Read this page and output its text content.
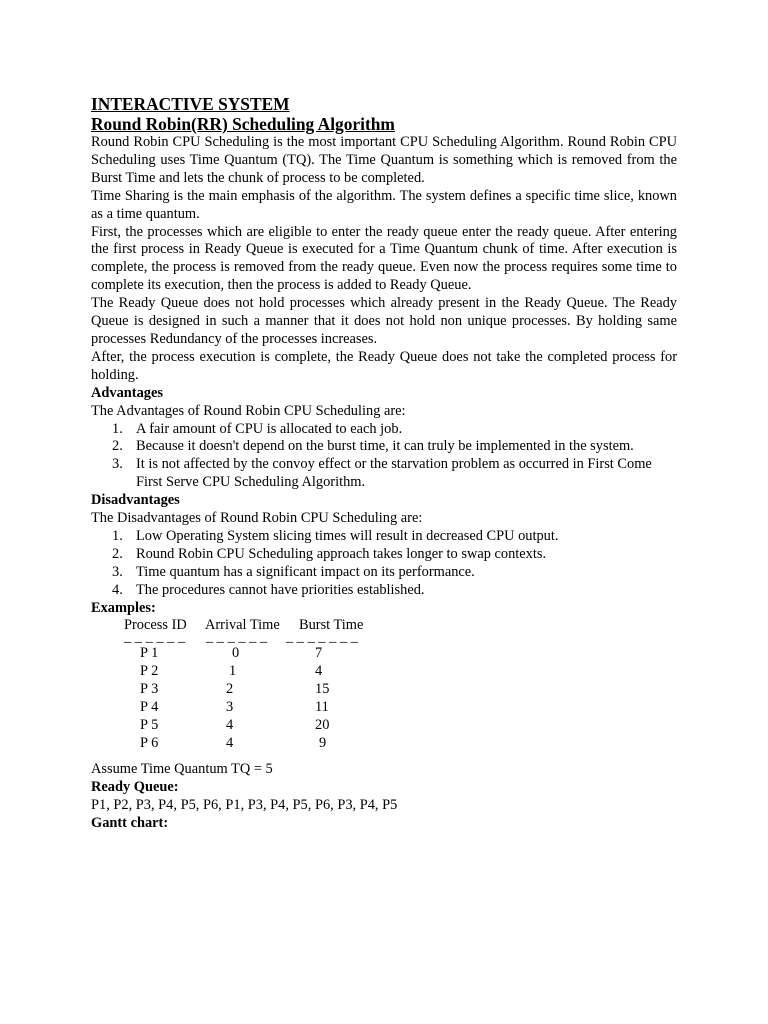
INTERACTIVE SYSTEM

Round Robin(RR) Scheduling Algorithm

Round Robin CPU Scheduling is the most important CPU Scheduling Algorithm. Round Robin CPU Scheduling uses Time Quantum (TQ). The Time Quantum is something which is removed from the Burst Time and lets the chunk of process to be completed.

Time Sharing is the main emphasis of the algorithm. The system defines a specific time slice, known as a time quantum.

First, the processes which are eligible to enter the ready queue enter the ready queue. After entering the first process in Ready Queue is executed for a Time Quantum chunk of time. After execution is complete, the process is removed from the ready queue. Even now the process requires some time to complete its execution, then the process is added to Ready Queue.

The Ready Queue does not hold processes which already present in the Ready Queue. The Ready Queue is designed in such a manner that it does not hold non unique processes. By holding same processes Redundancy of the processes increases.

After, the process execution is complete, the Ready Queue does not take the completed process for holding.

Advantages

The Advantages of Round Robin CPU Scheduling are:

1. A fair amount of CPU is allocated to each job.
2. Because it doesn't depend on the burst time, it can truly be implemented in the system.
3. It is not affected by the convoy effect or the starvation problem as occurred in First Come First Serve CPU Scheduling Algorithm.

Disadvantages

The Disadvantages of Round Robin CPU Scheduling are:

1. Low Operating System slicing times will result in decreased CPU output.
2. Round Robin CPU Scheduling approach takes longer to swap contexts.
3. Time quantum has a significant impact on its performance.
4. The procedures cannot have priorities established.

Examples:

Process ID Arrival Time Burst Time
_ _ _ _ _ _ _ _ _ _ _ _ _ _ _ _ _ _ _
P 1	0	7
P 2	1	4
P 3	2	15
P 4	3	11
P 5	4	20
P 6	4	9

Assume Time Quantum TQ = 5

Ready Queue:

P1, P2, P3, P4, P5, P6, P1, P3, P4, P5, P6, P3, P4, P5

Gantt chart:
